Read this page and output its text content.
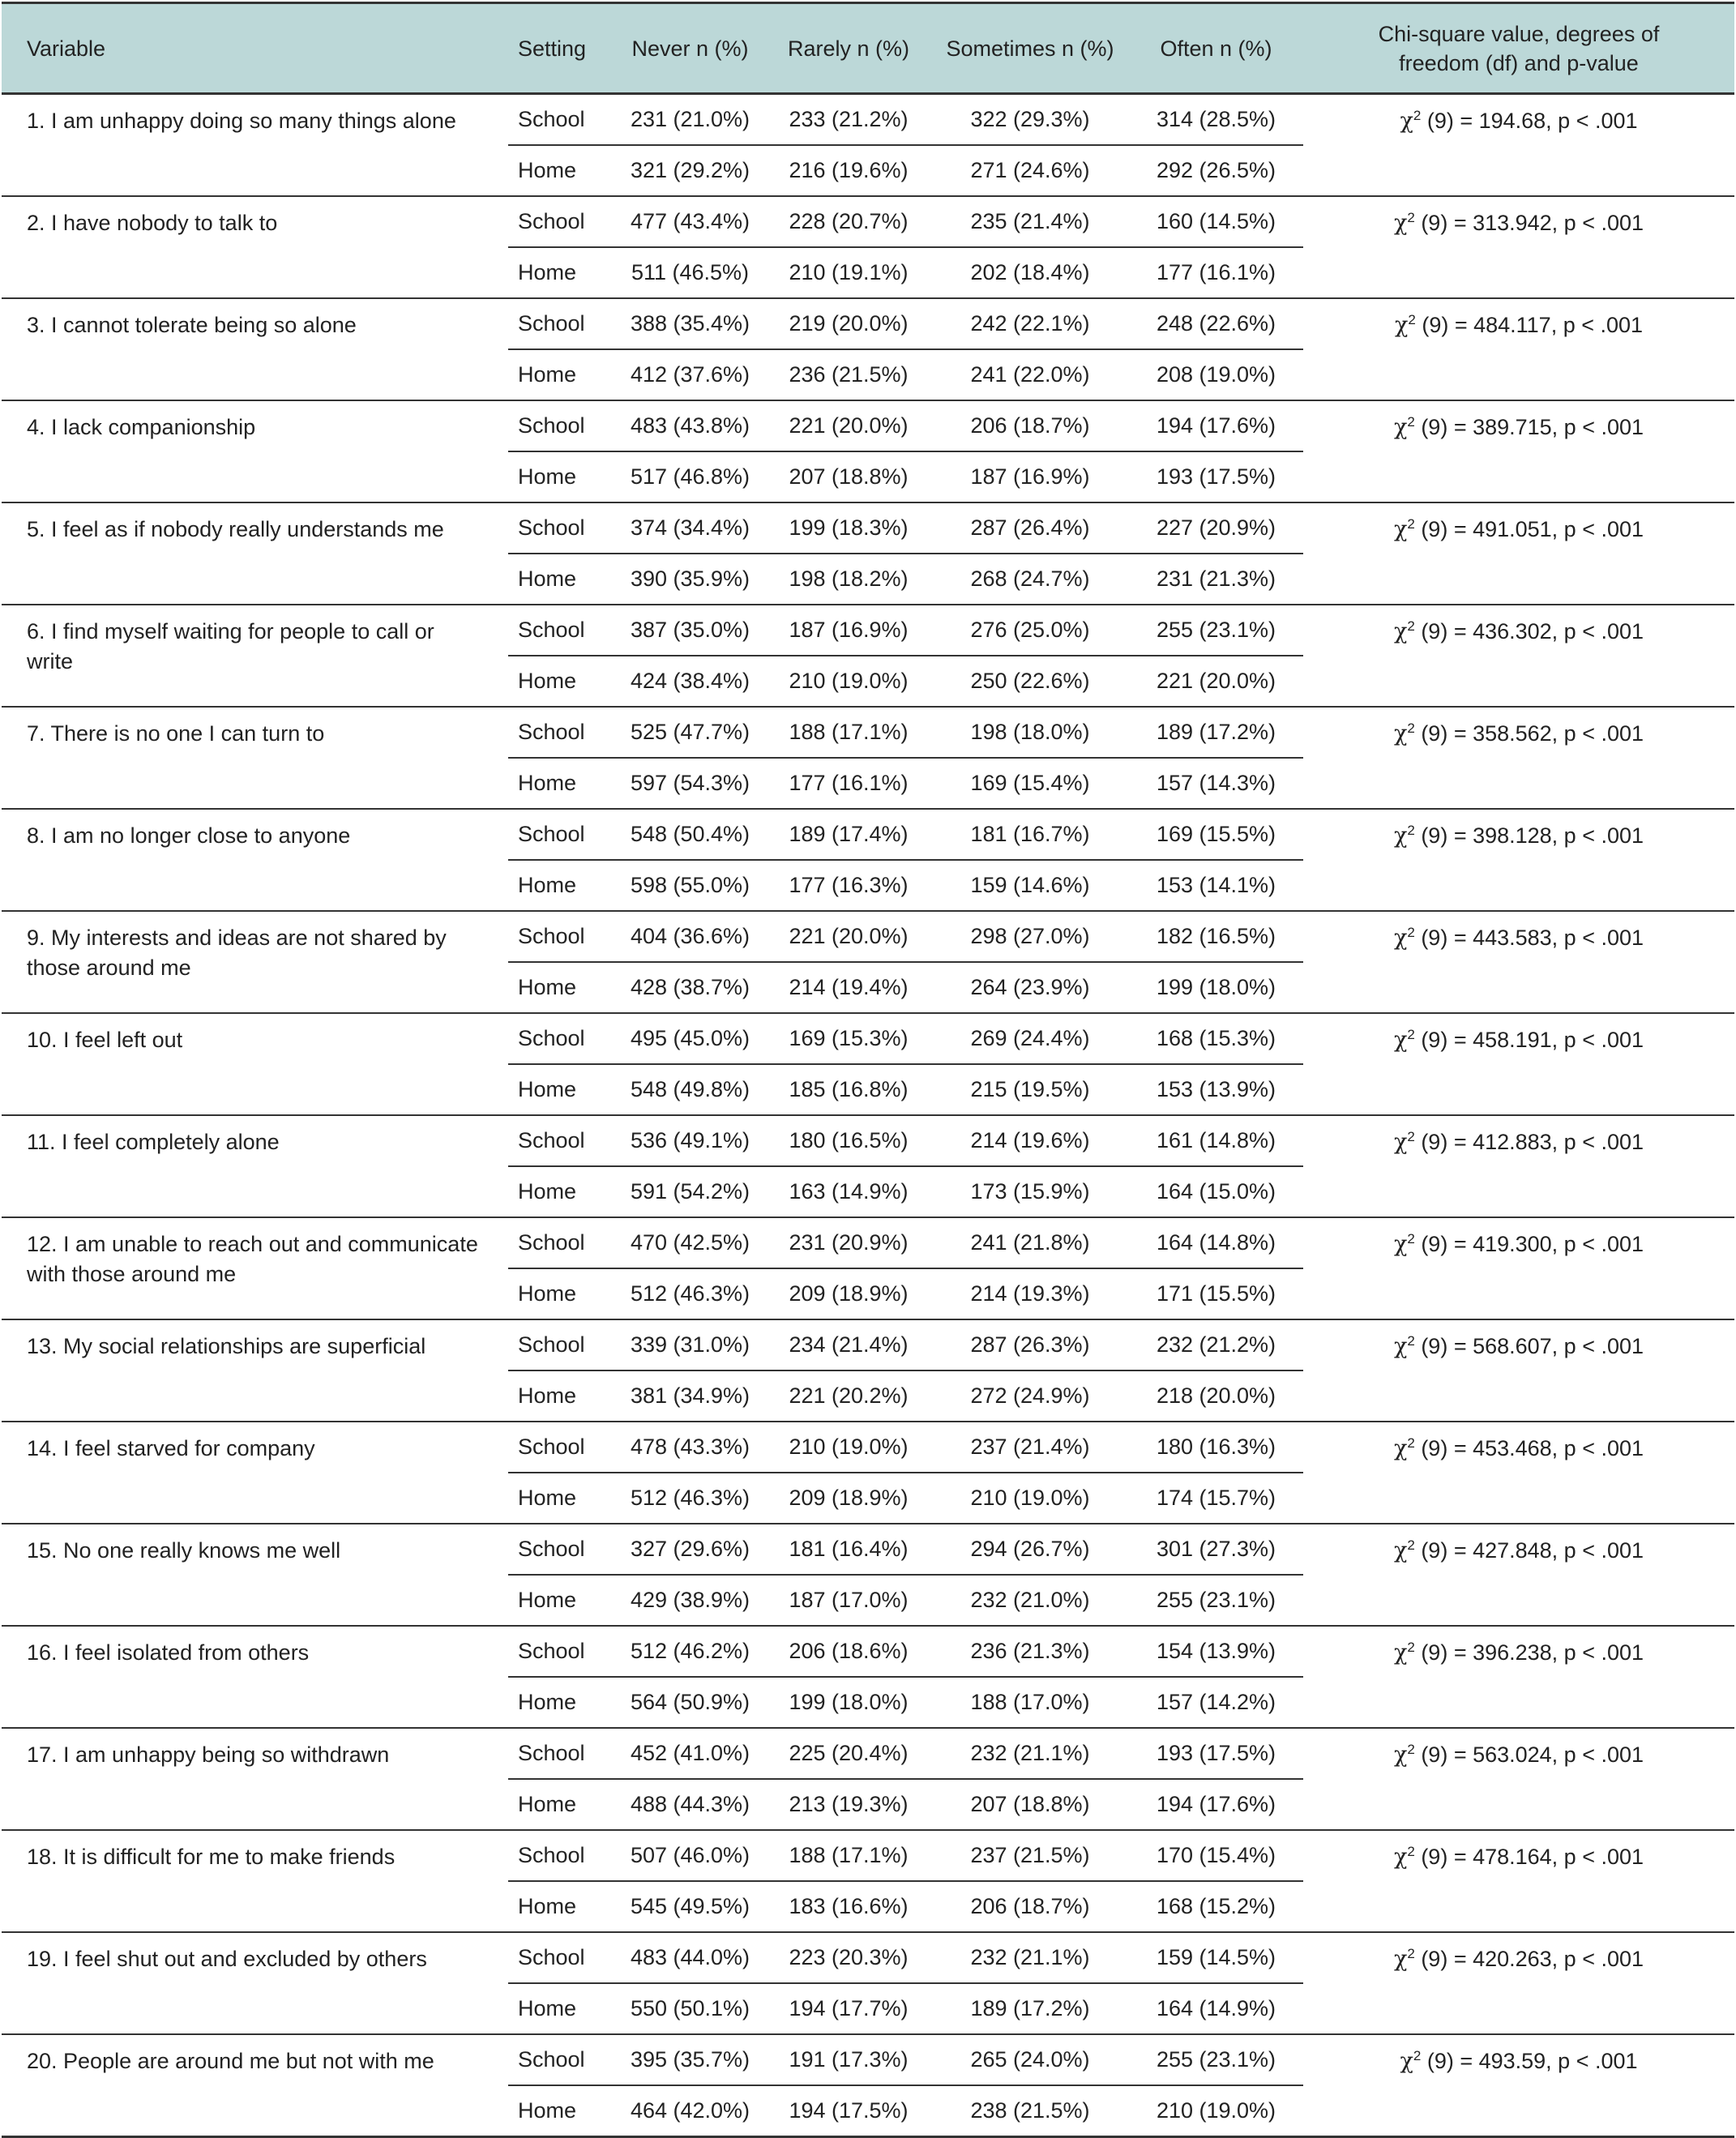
Variable	Setting	Never n (%)	Rarely n (%)	Sometimes n (%)	Often n (%)	Chi-square value, degrees of freedom (df) and p-value
1. I am unhappy doing so many things alone	School	231 (21.0%)	233 (21.2%)	322 (29.3%)	314 (28.5%)	$\chi^2$ (9) = 194.68, p < .001
	Home	321 (29.2%)	216 (19.6%)	271 (24.6%)	292 (26.5%)	
2. I have nobody to talk to	School	477 (43.4%)	228 (20.7%)	235 (21.4%)	160 (14.5%)	$\chi^2$ (9) = 313.942, p < .001
	Home	511 (46.5%)	210 (19.1%)	202 (18.4%)	177 (16.1%)	
3. I cannot tolerate being so alone	School	388 (35.4%)	219 (20.0%)	242 (22.1%)	248 (22.6%)	$\chi^2$ (9) = 484.117, p < .001
	Home	412 (37.6%)	236 (21.5%)	241 (22.0%)	208 (19.0%)	
4. I lack companionship	School	483 (43.8%)	221 (20.0%)	206 (18.7%)	194 (17.6%)	$\chi^2$ (9) = 389.715, p < .001
	Home	517 (46.8%)	207 (18.8%)	187 (16.9%)	193 (17.5%)	
5. I feel as if nobody really understands me	School	374 (34.4%)	199 (18.3%)	287 (26.4%)	227 (20.9%)	$\chi^2$ (9) = 491.051, p < .001
	Home	390 (35.9%)	198 (18.2%)	268 (24.7%)	231 (21.3%)	
6. I find myself waiting for people to call or write	School	387 (35.0%)	187 (16.9%)	276 (25.0%)	255 (23.1%)	$\chi^2$ (9) = 436.302, p < .001
	Home	424 (38.4%)	210 (19.0%)	250 (22.6%)	221 (20.0%)	
7. There is no one I can turn to	School	525 (47.7%)	188 (17.1%)	198 (18.0%)	189 (17.2%)	$\chi^2$ (9) = 358.562, p < .001
	Home	597 (54.3%)	177 (16.1%)	169 (15.4%)	157 (14.3%)	
8. I am no longer close to anyone	School	548 (50.4%)	189 (17.4%)	181 (16.7%)	169 (15.5%)	$\chi^2$ (9) = 398.128, p < .001
	Home	598 (55.0%)	177 (16.3%)	159 (14.6%)	153 (14.1%)	
9. My interests and ideas are not shared by those around me	School	404 (36.6%)	221 (20.0%)	298 (27.0%)	182 (16.5%)	$\chi^2$ (9) = 443.583, p < .001
	Home	428 (38.7%)	214 (19.4%)	264 (23.9%)	199 (18.0%)	
10. I feel left out	School	495 (45.0%)	169 (15.3%)	269 (24.4%)	168 (15.3%)	$\chi^2$ (9) = 458.191, p < .001
	Home	548 (49.8%)	185 (16.8%)	215 (19.5%)	153 (13.9%)	
11. I feel completely alone	School	536 (49.1%)	180 (16.5%)	214 (19.6%)	161 (14.8%)	$\chi^2$ (9) = 412.883, p < .001
	Home	591 (54.2%)	163 (14.9%)	173 (15.9%)	164 (15.0%)	
12. I am unable to reach out and communicate with those around me	School	470 (42.5%)	231 (20.9%)	241 (21.8%)	164 (14.8%)	$\chi^2$ (9) = 419.300, p < .001
	Home	512 (46.3%)	209 (18.9%)	214 (19.3%)	171 (15.5%)	
13. My social relationships are superficial	School	339 (31.0%)	234 (21.4%)	287 (26.3%)	232 (21.2%)	$\chi^2$ (9) = 568.607, p < .001
	Home	381 (34.9%)	221 (20.2%)	272 (24.9%)	218 (20.0%)	
14. I feel starved for company	School	478 (43.3%)	210 (19.0%)	237 (21.4%)	180 (16.3%)	$\chi^2$ (9) = 453.468, p < .001
	Home	512 (46.3%)	209 (18.9%)	210 (19.0%)	174 (15.7%)	
15. No one really knows me well	School	327 (29.6%)	181 (16.4%)	294 (26.7%)	301 (27.3%)	$\chi^2$ (9) = 427.848, p < .001
	Home	429 (38.9%)	187 (17.0%)	232 (21.0%)	255 (23.1%)	
16. I feel isolated from others	School	512 (46.2%)	206 (18.6%)	236 (21.3%)	154 (13.9%)	$\chi^2$ (9) = 396.238, p < .001
	Home	564 (50.9%)	199 (18.0%)	188 (17.0%)	157 (14.2%)	
17. I am unhappy being so withdrawn	School	452 (41.0%)	225 (20.4%)	232 (21.1%)	193 (17.5%)	$\chi^2$ (9) = 563.024, p < .001
	Home	488 (44.3%)	213 (19.3%)	207 (18.8%)	194 (17.6%)	
18. It is difficult for me to make friends	School	507 (46.0%)	188 (17.1%)	237 (21.5%)	170 (15.4%)	$\chi^2$ (9) = 478.164, p < .001
	Home	545 (49.5%)	183 (16.6%)	206 (18.7%)	168 (15.2%)	
19. I feel shut out and excluded by others	School	483 (44.0%)	223 (20.3%)	232 (21.1%)	159 (14.5%)	$\chi^2$ (9) = 420.263, p < .001
	Home	550 (50.1%)	194 (17.7%)	189 (17.2%)	164 (14.9%)	
20. People are around me but not with me	School	395 (35.7%)	191 (17.3%)	265 (24.0%)	255 (23.1%)	$\chi^2$ (9) = 493.59, p < .001
	Home	464 (42.0%)	194 (17.5%)	238 (21.5%)	210 (19.0%)	
